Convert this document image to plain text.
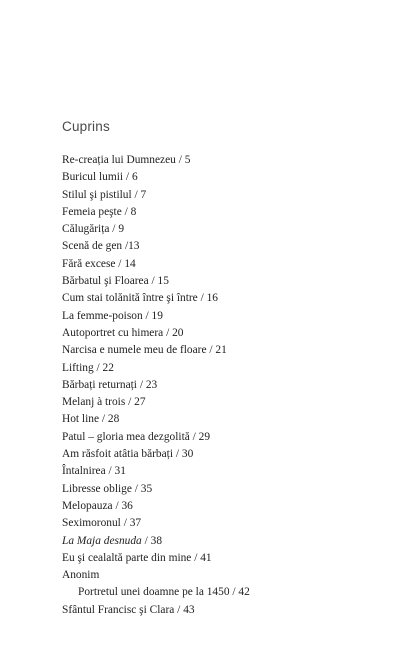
Cuprins
Re-creația lui Dumnezeu / 5
Buricul lumii / 6
Stilul şi pistilul / 7
Femeia peşte / 8
Călugărița / 9
Scenă de gen /13
Fără excese / 14
Bărbatul şi Floarea / 15
Cum stai tolănită între şi între / 16
La femme-poison / 19
Autoportret cu himera / 20
Narcisa e numele meu de floare / 21
Lifting / 22
Bărbați returnați / 23
Melanj à trois / 27
Hot line / 28
Patul – gloria mea dezgolită / 29
Am răsfoit atâtia bărbați / 30
Întalnirea / 31
Libresse oblige / 35
Melopauza / 36
Seximoronul / 37
La Maja desnuda / 38
Eu şi cealaltă parte din mine / 41
Anonim
Portretul unei doamne pe la 1450 / 42
Sfântul Francisc şi Clara / 43
